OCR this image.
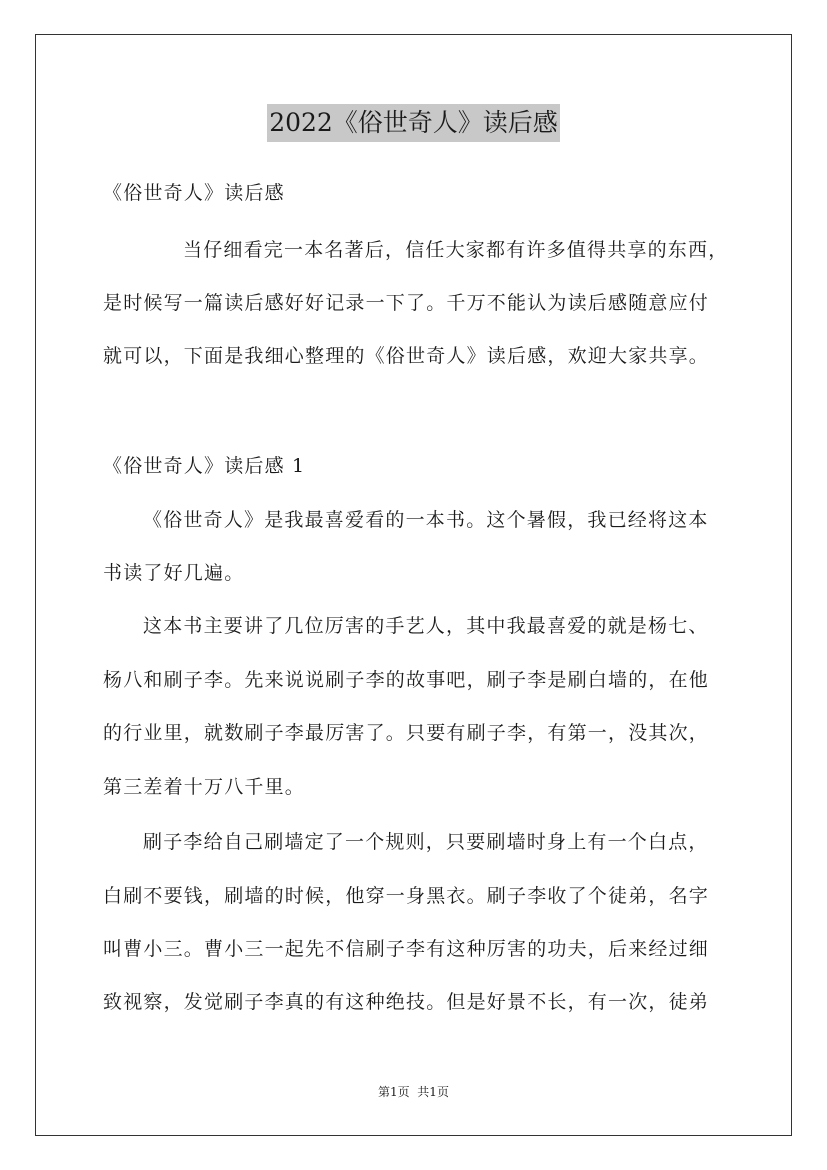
2022《俗世奇人》读后感
《俗世奇人》读后感
当仔细看完一本名著后，信任大家都有许多值得共享的东西，
是时候写一篇读后感好好记录一下了。千万不能认为读后感随意应付
就可以，下面是我细心整理的《俗世奇人》读后感，欢迎大家共享。
《俗世奇人》读后感 1
《俗世奇人》是我最喜爱看的一本书。这个暑假，我已经将这本
书读了好几遍。
这本书主要讲了几位厉害的手艺人，其中我最喜爱的就是杨七、
杨八和刷子李。先来说说刷子李的故事吧，刷子李是刷白墙的，在他
的行业里，就数刷子李最厉害了。只要有刷子李，有第一，没其次，
第三差着十万八千里。
刷子李给自己刷墙定了一个规则，只要刷墙时身上有一个白点，
白刷不要钱，刷墙的时候，他穿一身黑衣。刷子李收了个徒弟，名字
叫曹小三。曹小三一起先不信刷子李有这种厉害的功夫，后来经过细
致视察，发觉刷子李真的有这种绝技。但是好景不长，有一次，徒弟
第1页  共1页
